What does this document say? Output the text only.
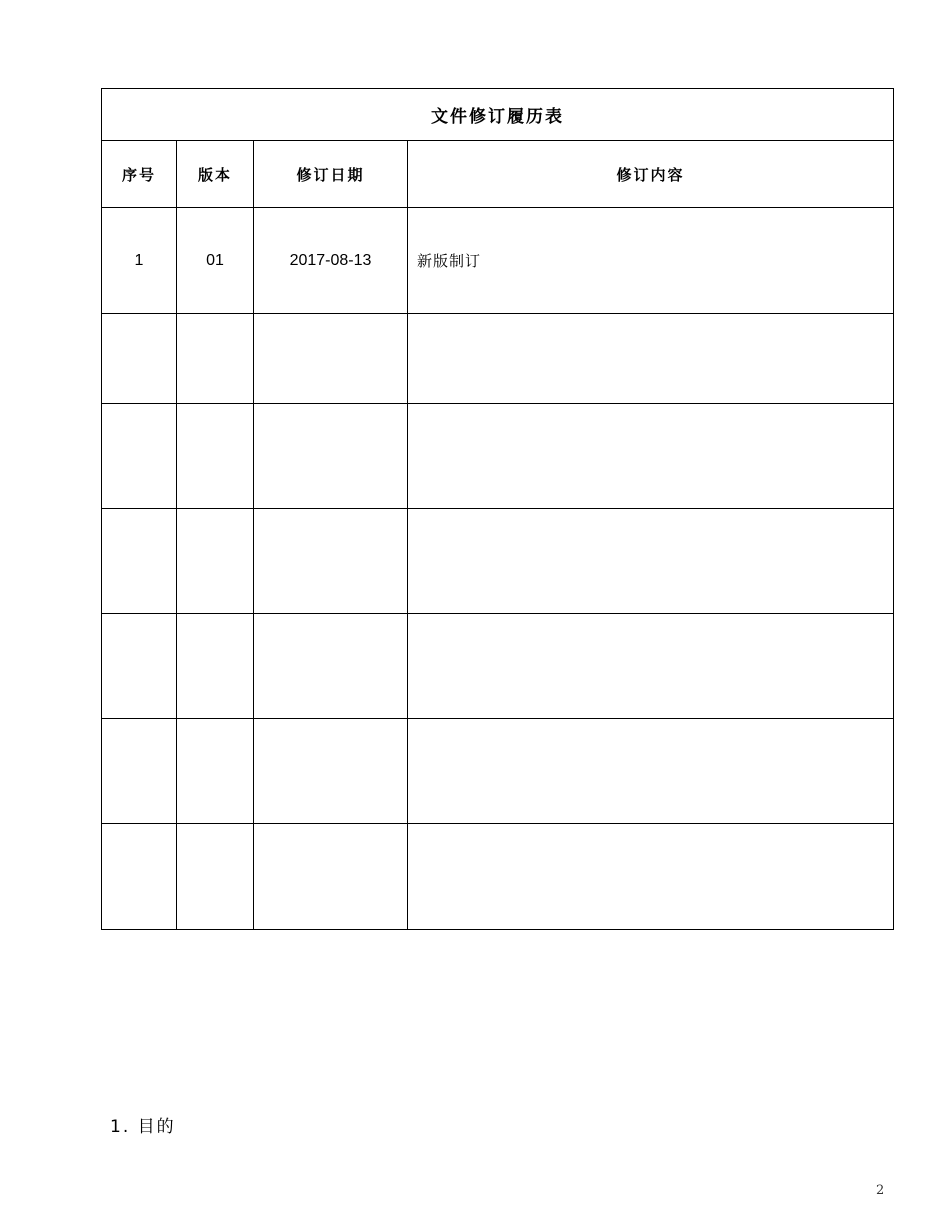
文件修订履历表			
序号	版本	修订日期	修订内容
1	01	2017-08-13	新版制订

1. 目的
2
